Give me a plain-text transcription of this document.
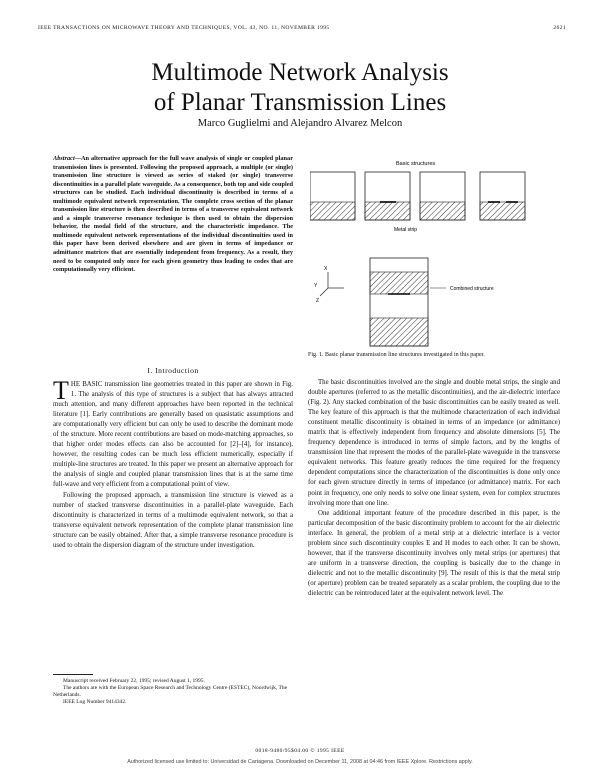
IEEE TRANSACTIONS ON MICROWAVE THEORY AND TECHNIQUES, VOL. 43, NO. 11, NOVEMBER 1995	2621
Multimode Network Analysis
of Planar Transmission Lines
Marco Guglielmi and Alejandro Alvarez Melcon
Abstract—An alternative approach for the full wave analysis of single or coupled planar transmission lines is presented. Following the proposed approach, a multiple (or single) transmission line structure is viewed as series of staked (or single) transverse discontinuities in a parallel plate waveguide. As a consequence, both top and side coupled structures can be studied. Each individual discontinuity is described in terms of a multimode equivalent network representation. The complete cross section of the planar transmission line structure is then described in terms of a transverse equivalent network and a simple transverse resonance technique is then used to obtain the dispersion behavior, the modal field of the structure, and the characteristic impedance. The multimode equivalent network representations of the individual discontinuities used in this paper have been derived elsewhere and are given in terms of impedance or admittance matrices that are essentially independent from frequency. As a result, they need to be computed only once for each given geometry thus leading to codes that are computationally very efficient.
Basic structures
Metal strip
X
Y
Z
Combined structure
Fig. 1. Basic planar transmission line structures investigated in this paper.
I. Introduction

THE BASIC transmission line geometries treated in this paper are shown in Fig. 1. The analysis of this type of structures is a subject that has always attracted much attention, and many different approaches have been reported in the technical literature [1]. Early contributions are generally based on quasistatic assumptions and are computationally very efficient but can only be used to describe the dominant mode of the structure. More recent contributions are based on mode-matching approaches, so that higher order modes effects can also be accounted for [2]–[4], for instance), however, the resulting codes can be much less efficient numerically, especially if multiple-line structures are treated. In this paper we present an alternative approach for the analysis of single and coupled planar transmission lines that is at the same time full-wave and very efficient from a computational point of view.

Following the proposed approach, a transmission line structure is viewed as a number of stacked transverse discontinuities in a parallel-plate waveguide. Each discontinuity is characterized in terms of a multimode equivalent network, so that a transverse equivalent network representation of the complete planar transmission line structure can be easily obtained. After that, a simple transverse resonance procedure is used to obtain the dispersion diagram of the structure under investigation.

Manuscript received February 22, 1995; revised August 1, 1995.
The authors are with the European Space Research and Technology Centre (ESTEC), Noordwijk, The Netherlands.
IEEE Log Number 9414342.

The basic discontinuities involved are the single and double metal strips, the single and double apertures (referred to as the metallic discontinuities), and the air-dielectric interface (Fig. 2). Any stacked combination of the basic discontinuities can be easily treated as well. The key feature of this approach is that the multimode characterization of each individual constituent metallic discontinuity is obtained in terms of an impedance (or admittance) matrix that is effectively independent from frequency and absolute dimensions [5]. The frequency dependence is introduced in terms of simple factors, and by the lengths of transmission line that represent the modes of the parallel-plate waveguide in the transverse equivalent networks. This feature greatly reduces the time required for the frequency dependent computations since the characterization of the discontinuities is done only once for each given structure directly in terms of impedance (or admittance) matrix. For each point in frequency, one only needs to solve one linear system, even for complex structures involving more than one line.

One additional important feature of the procedure described in this paper, is the particular decomposition of the basic discontinuity problem to account for the air dielectric interface. In general, the problem of a metal strip at a dielectric interface is a vector problem since such discontinuity couples E and H modes to each other. It can be shown, however, that if the transverse discontinuity involves only metal strips (or apertures) that are uniform in a transverse direction, the coupling is basically due to the change in dielectric and not to the metallic discontinuity [9]. The result of this is that the metal strip (or aperture) problem can be treated separately as a scalar problem, the coupling due to the dielectric can be reintroduced later at the equivalent network level. The

0018-9480/95$04.00 © 1995 IEEE
Authorized licensed use limited to: Universidad de Cartagena. Downloaded on December 11, 2008 at 04:46 from IEEE Xplore. Restrictions apply.
